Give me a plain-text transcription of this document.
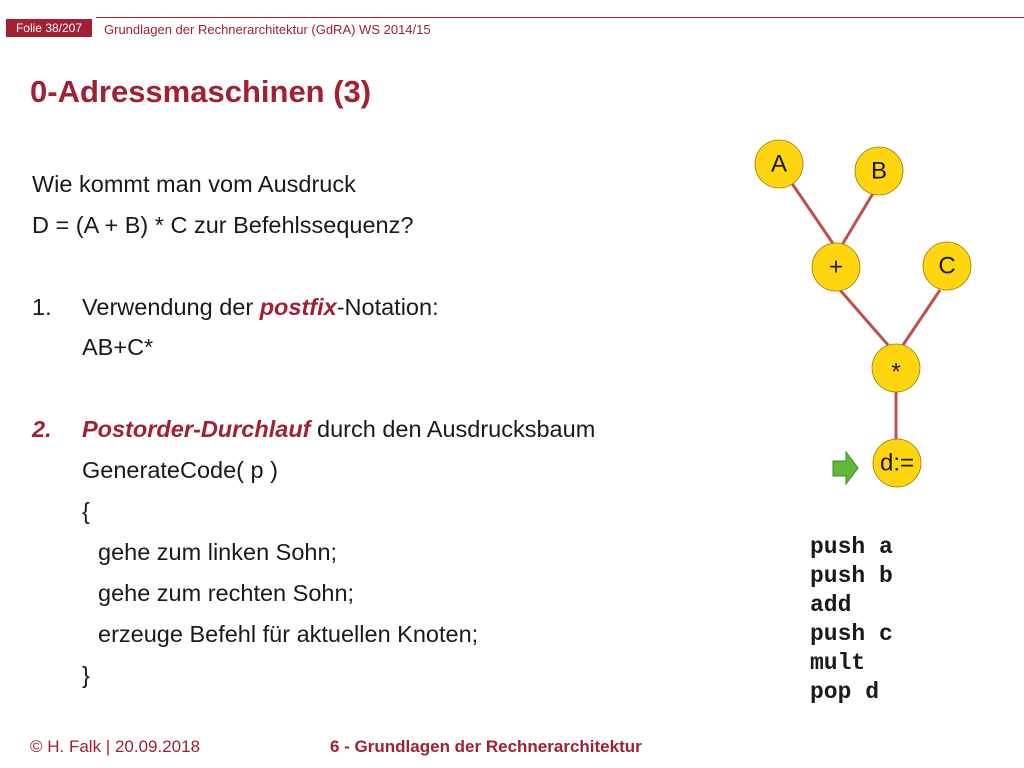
Folie 38/207	Grundlagen der Rechnerarchitektur (GdRA) WS 2014/15
0-Adressmaschinen (3)
Wie kommt man vom Ausdruck
D = (A + B) * C zur Befehlssequenz?
1. Verwendung der postfix-Notation:
AB+C*
2. Postorder-Durchlauf durch den Ausdrucksbaum
GenerateCode( p )
{
gehe zum linken Sohn;
gehe zum rechten Sohn;
erzeuge Befehl für aktuellen Knoten;
}
A	B
+	C
*
d:=
push a
push b
add
push c
mult
pop d
© H. Falk | 20.09.2018	6 - Grundlagen der Rechnerarchitektur
